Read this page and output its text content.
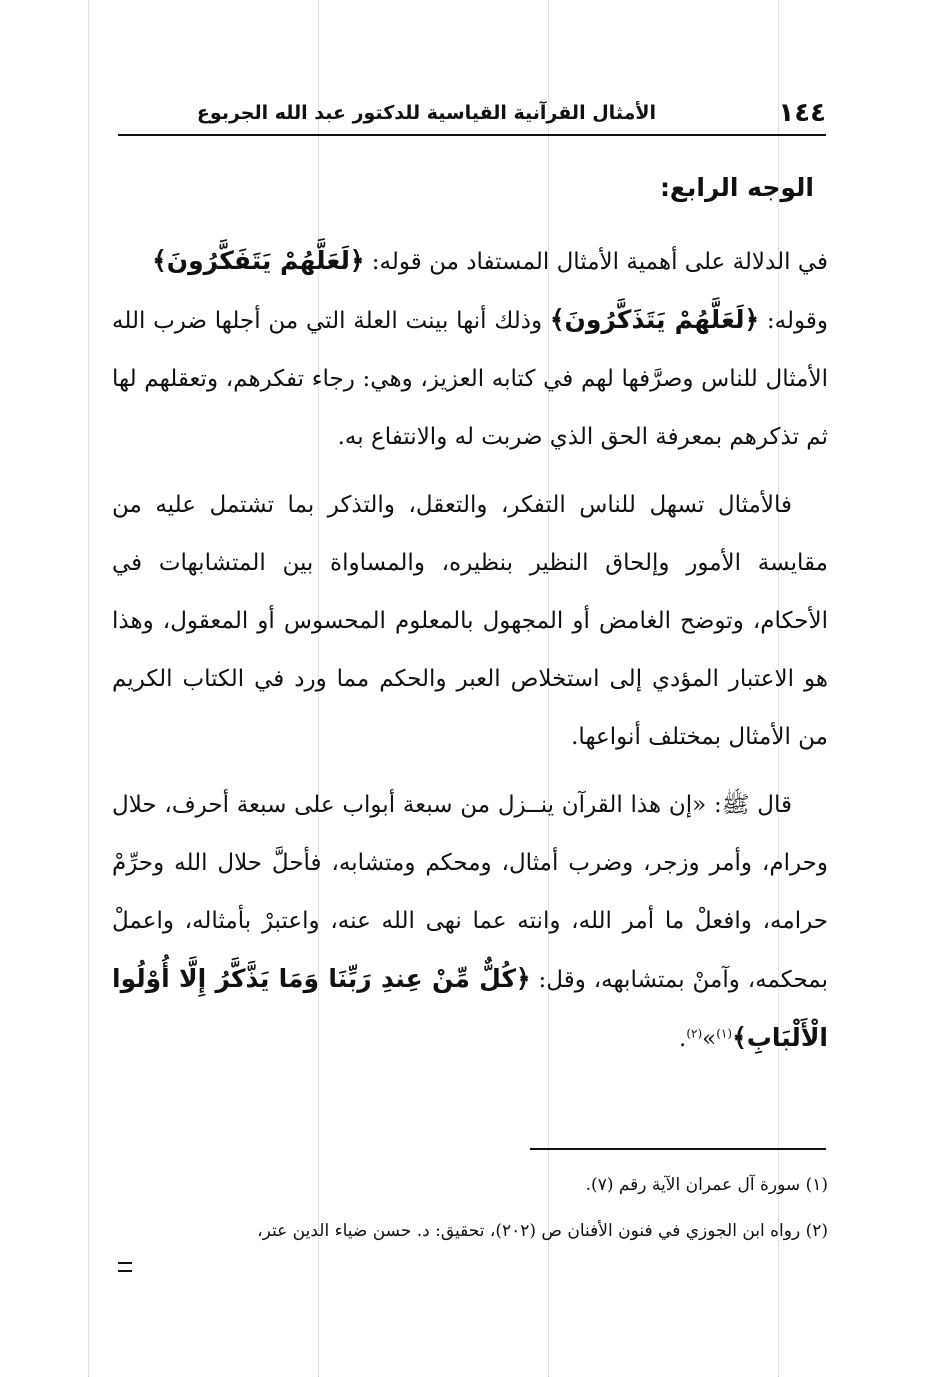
١٤٤
الأمثال القرآنية القياسية للدكتور عبد الله الجربوع
الوجه الرابع:

في الدلالة على أهمية الأمثال المستفاد من قوله: ﴿لَعَلَّهُمْ يَتَفَكَّرُونَ﴾

وقوله: ﴿لَعَلَّهُمْ يَتَذَكَّرُونَ﴾ وذلك أنها بينت العلة التي من أجلها ضرب الله الأمثال للناس وصرَّفها لهم في كتابه العزيز، وهي: رجاء تفكرهم، وتعقلهم لها ثم تذكرهم بمعرفة الحق الذي ضربت له والانتفاع به.

فالأمثال تسهل للناس التفكر، والتعقل، والتذكر بما تشتمل عليه من مقايسة الأمور وإلحاق النظير بنظيره، والمساواة بين المتشابهات في الأحكام، وتوضح الغامض أو المجهول بالمعلوم المحسوس أو المعقول، وهذا هو الاعتبار المؤدي إلى استخلاص العبر والحكم مما ورد في الكتاب الكريم من الأمثال بمختلف أنواعها.

قال ﷺ: «إن هذا القرآن ينــزل من سبعة أبواب على سبعة أحرف، حلال وحرام، وأمر وزجر، وضرب أمثال، ومحكم ومتشابه، فأحلَّ حلال الله وحرِّمْ حرامه، وافعلْ ما أمر الله، وانته عما نهى الله عنه، واعتبرْ بأمثاله، واعملْ بمحكمه، وآمنْ بمتشابهه، وقل: ﴿كُلٌّ مِّنْ عِندِ رَبِّنَا وَمَا يَذَّكَّرُ إِلَّا أُوْلُوا الْأَلْبَابِ﴾$^{(١)}$»$^{(٢)}$.

(١) سورة آل عمران الآية رقم (٧).

(٢) رواه ابن الجوزي في فنون الأفنان ص (٢٠٢)، تحقيق: د. حسن ضياء الدين عتر،
